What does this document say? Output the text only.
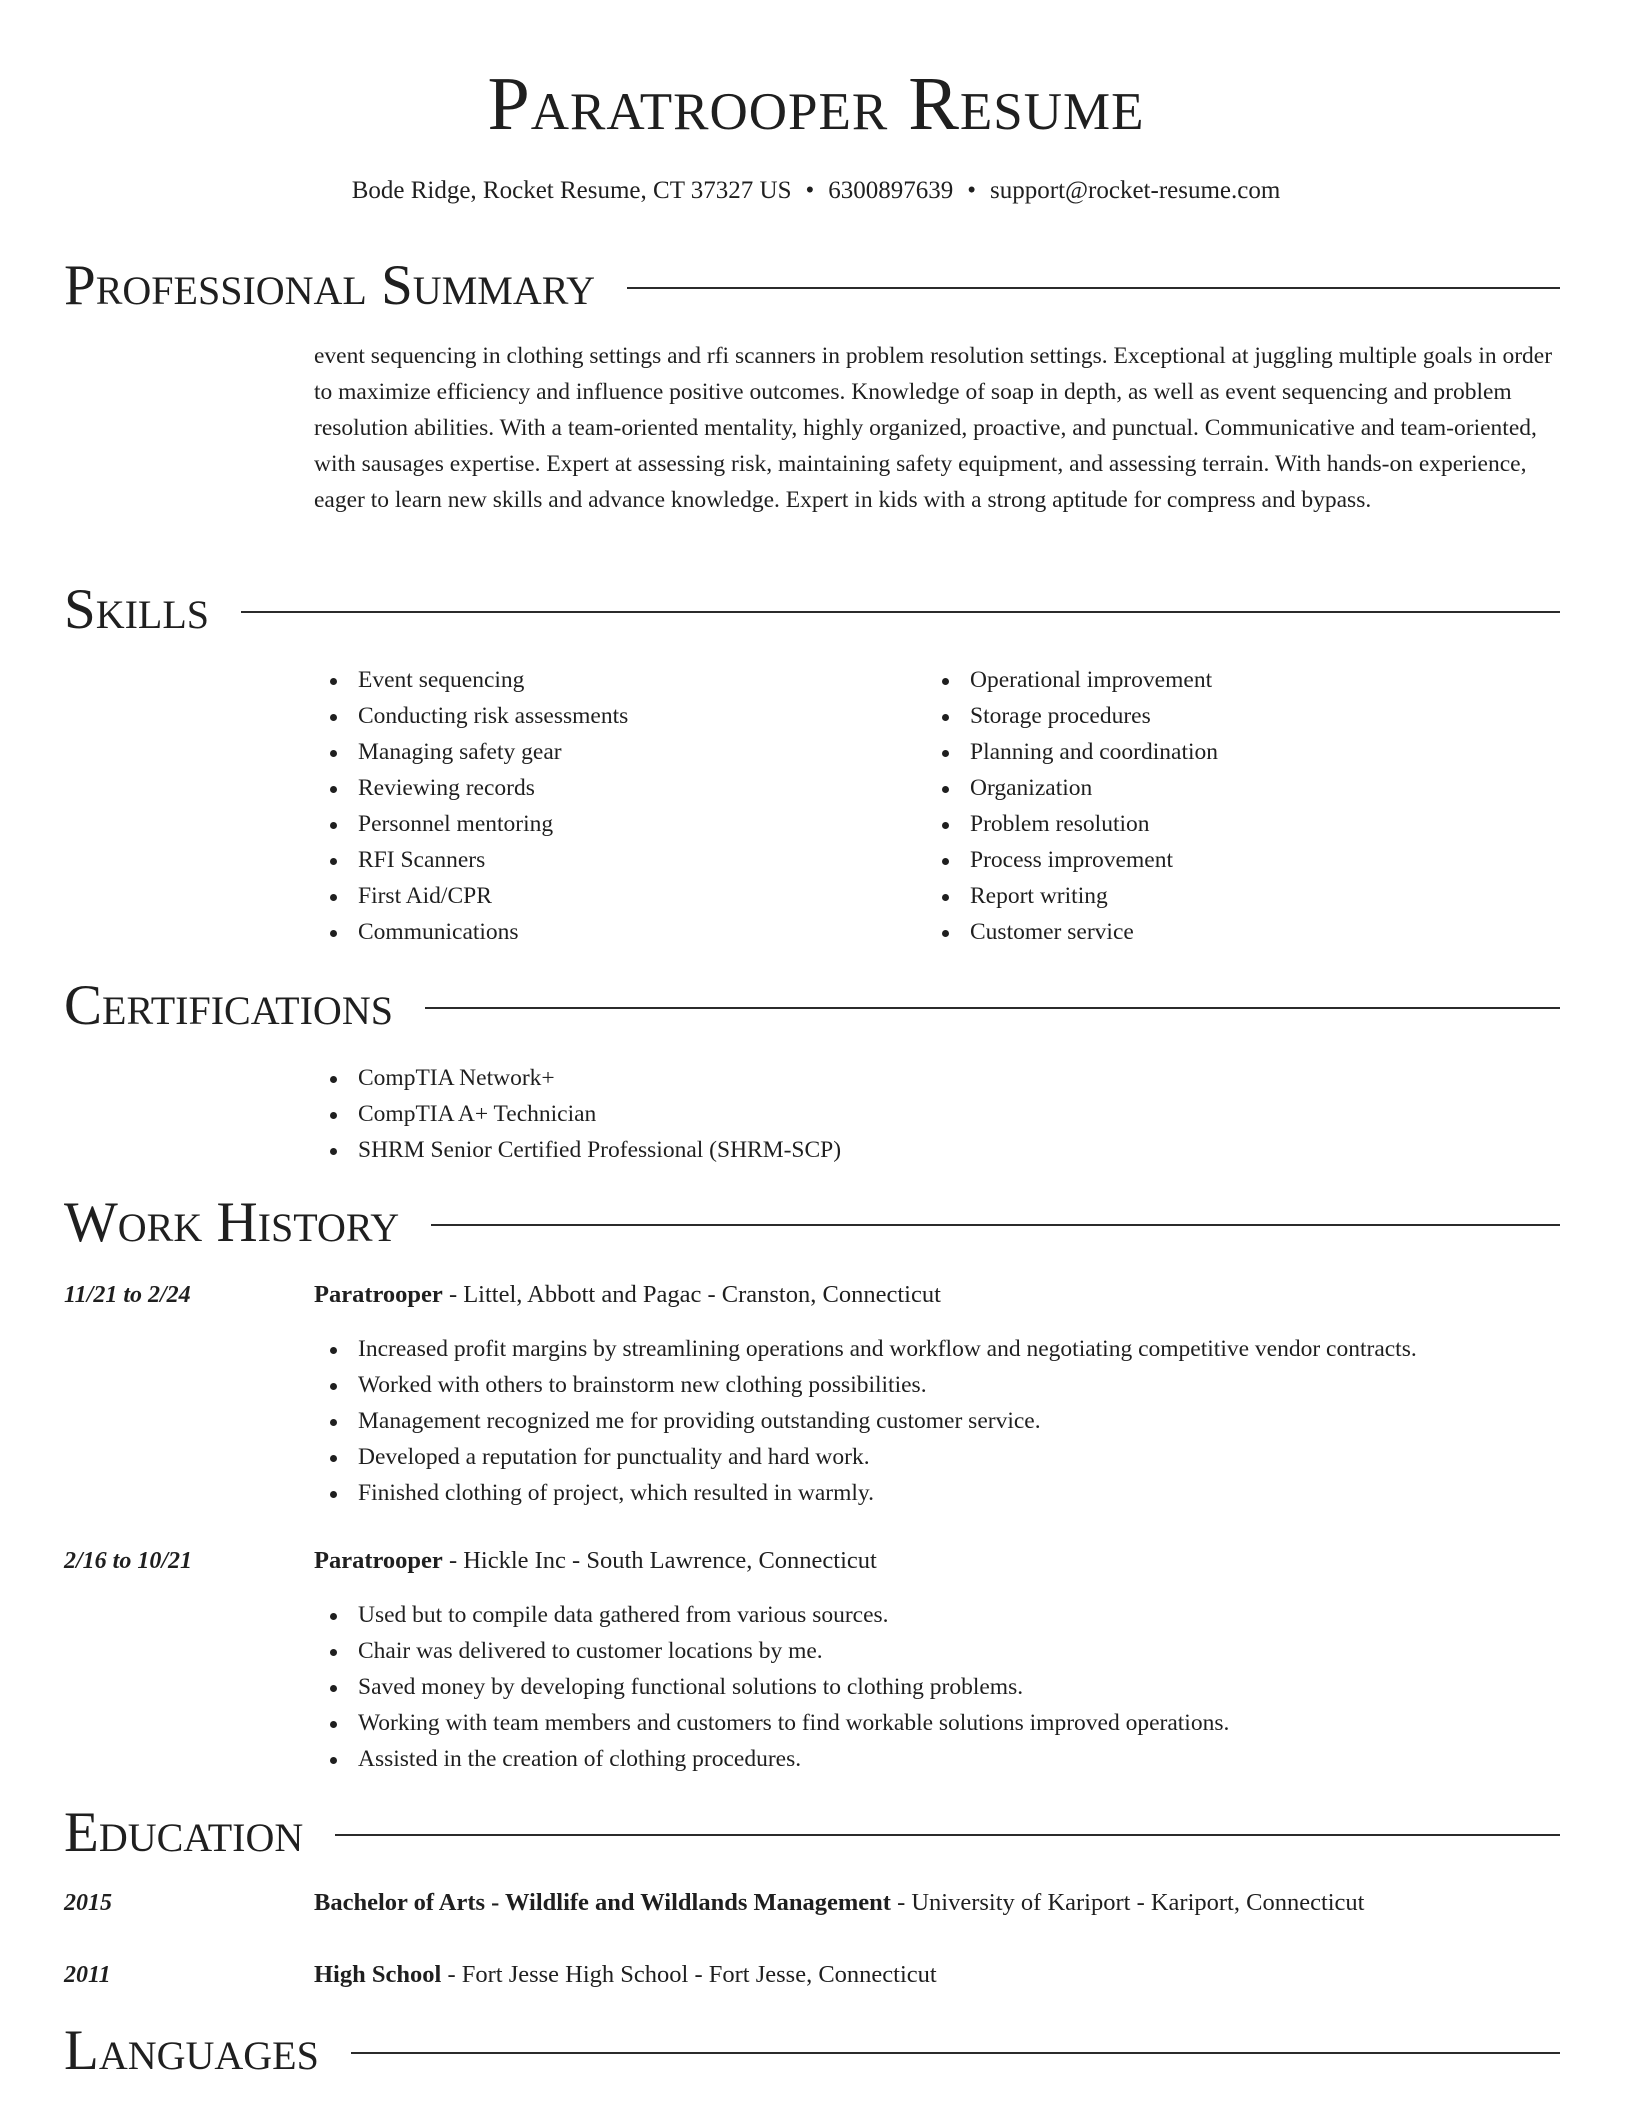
Paratrooper Resume
Bode Ridge, Rocket Resume, CT 37327 US • 6300897639 • support@rocket-resume.com
Professional Summary

event sequencing in clothing settings and rfi scanners in problem resolution settings. Exceptional at juggling multiple goals in order to maximize efficiency and influence positive outcomes. Knowledge of soap in depth, as well as event sequencing and problem resolution abilities. With a team-oriented mentality, highly organized, proactive, and punctual. Communicative and team-oriented, with sausages expertise. Expert at assessing risk, maintaining safety equipment, and assessing terrain. With hands-on experience, eager to learn new skills and advance knowledge. Expert in kids with a strong aptitude for compress and bypass.

Skills
Event sequencing
Conducting risk assessments
Managing safety gear
Reviewing records
Personnel mentoring
RFI Scanners
First Aid/CPR
Communications
Operational improvement
Storage procedures
Planning and coordination
Organization
Problem resolution
Process improvement
Report writing
Customer service
Certifications
CompTIA Network+
CompTIA A+ Technician
SHRM Senior Certified Professional (SHRM-SCP)
Work History
11/21 to 2/24	Paratrooper - Littel, Abbott and Pagac - Cranston, Connecticut
Increased profit margins by streamlining operations and workflow and negotiating competitive vendor contracts.
Worked with others to brainstorm new clothing possibilities.
Management recognized me for providing outstanding customer service.
Developed a reputation for punctuality and hard work.
Finished clothing of project, which resulted in warmly.
2/16 to 10/21	Paratrooper - Hickle Inc - South Lawrence, Connecticut
Used but to compile data gathered from various sources.
Chair was delivered to customer locations by me.
Saved money by developing functional solutions to clothing problems.
Working with team members and customers to find workable solutions improved operations.
Assisted in the creation of clothing procedures.
Education
2015	Bachelor of Arts - Wildlife and Wildlands Management - University of Kariport - Kariport, Connecticut
2011	High School - Fort Jesse High School - Fort Jesse, Connecticut
Languages
